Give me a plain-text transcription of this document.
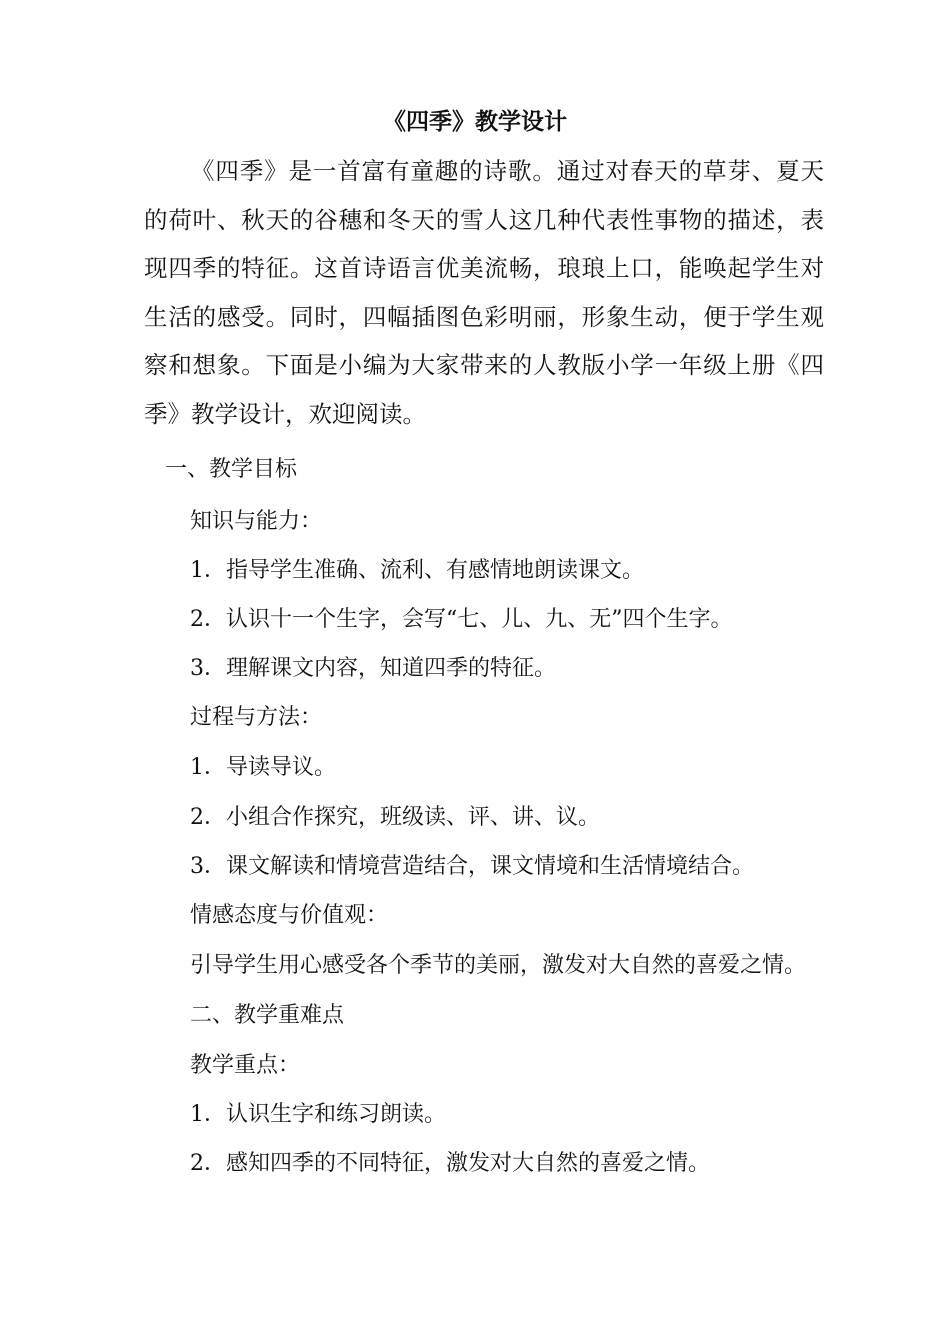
《四季》教学设计

《四季》是一首富有童趣的诗歌。通过对春天的草芽、夏天的荷叶、秋天的谷穗和冬天的雪人这几种代表性事物的描述，表现四季的特征。这首诗语言优美流畅，琅琅上口，能唤起学生对生活的感受。同时，四幅插图色彩明丽，形象生动，便于学生观察和想象。下面是小编为大家带来的人教版小学一年级上册《四季》教学设计，欢迎阅读。

一、教学目标

知识与能力：

1．指导学生准确、流利、有感情地朗读课文。

2．认识十一个生字，会写“七、儿、九、无”四个生字。

3．理解课文内容，知道四季的特征。

过程与方法：

1．导读导议。

2．小组合作探究，班级读、评、讲、议。

3．课文解读和情境营造结合，课文情境和生活情境结合。

情感态度与价值观：

引导学生用心感受各个季节的美丽，激发对大自然的喜爱之情。

二、教学重难点

教学重点：

1．认识生字和练习朗读。

2．感知四季的不同特征，激发对大自然的喜爱之情。
